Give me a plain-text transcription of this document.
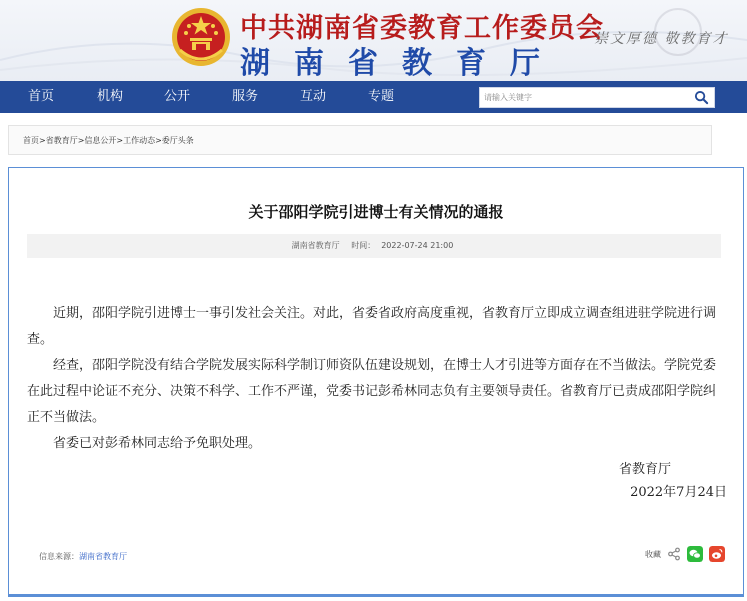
中共湖南省委教育工作委员会
湖 南 省 教 育 厅
崇文厚德 敬教育才
首页	机构	公开	服务	互动	专题
请输入关键字
首页>省教育厅>信息公开>工作动态>委厅头条
关于邵阳学院引进博士有关情况的通报
湖南省教育厅 时间： 2022-07-24 21:00

近期，邵阳学院引进博士一事引发社会关注。对此，省委省政府高度重视，省教育厅立即成立调查组进驻学院进行调查。

经查，邵阳学院没有结合学院发展实际科学制订师资队伍建设规划，在博士人才引进等方面存在不当做法。学院党委在此过程中论证不充分、决策不科学、工作不严谨，党委书记彭希林同志负有主要领导责任。省教育厅已责成邵阳学院纠正不当做法。

省委已对彭希林同志给予免职处理。

省教育厅
2022年7月24日
信息来源：湖南省教育厅	收藏
